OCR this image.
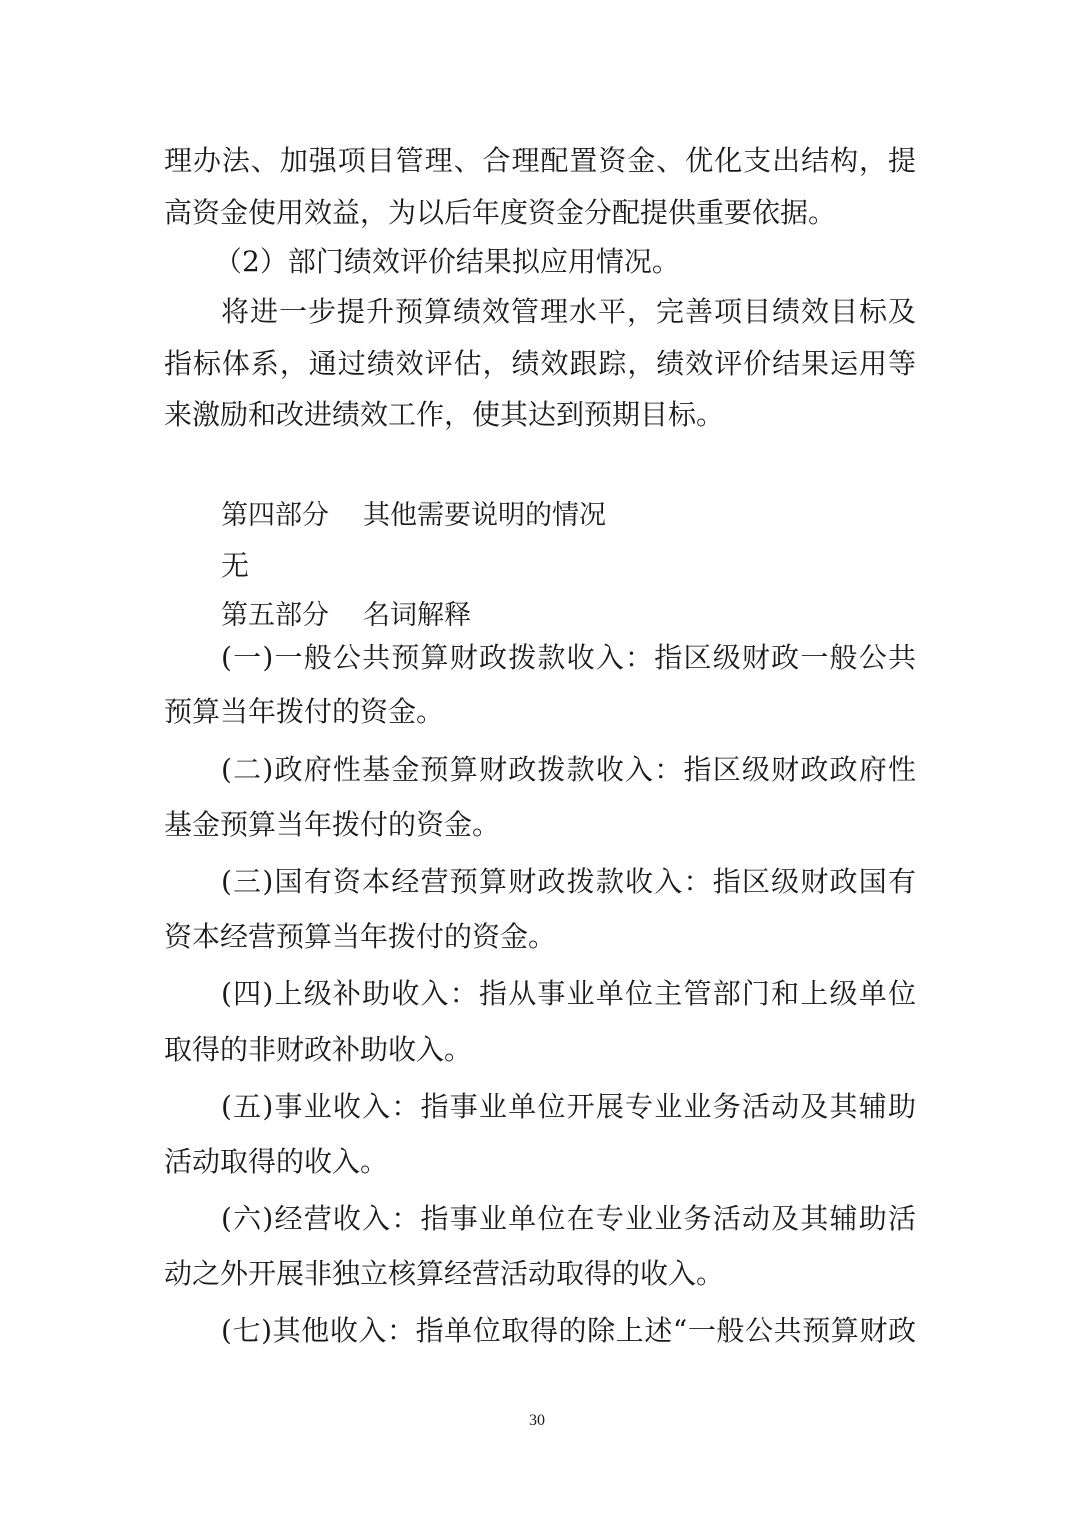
理办法、加强项目管理、合理配置资金、优化支出结构，提
高资金使用效益，为以后年度资金分配提供重要依据。
（2）部门绩效评价结果拟应用情况。
将进一步提升预算绩效管理水平，完善项目绩效目标及
指标体系，通过绩效评估，绩效跟踪，绩效评价结果运用等
来激励和改进绩效工作，使其达到预期目标。
第四部分 其他需要说明的情况
无
第五部分 名词解释
(一)一般公共预算财政拨款收入：指区级财政一般公共
预算当年拨付的资金。
(二)政府性基金预算财政拨款收入：指区级财政政府性
基金预算当年拨付的资金。
(三)国有资本经营预算财政拨款收入：指区级财政国有
资本经营预算当年拨付的资金。
(四)上级补助收入：指从事业单位主管部门和上级单位
取得的非财政补助收入。
(五)事业收入：指事业单位开展专业业务活动及其辅助
活动取得的收入。
(六)经营收入：指事业单位在专业业务活动及其辅助活
动之外开展非独立核算经营活动取得的收入。
(七)其他收入：指单位取得的除上述“一般公共预算财政
30
